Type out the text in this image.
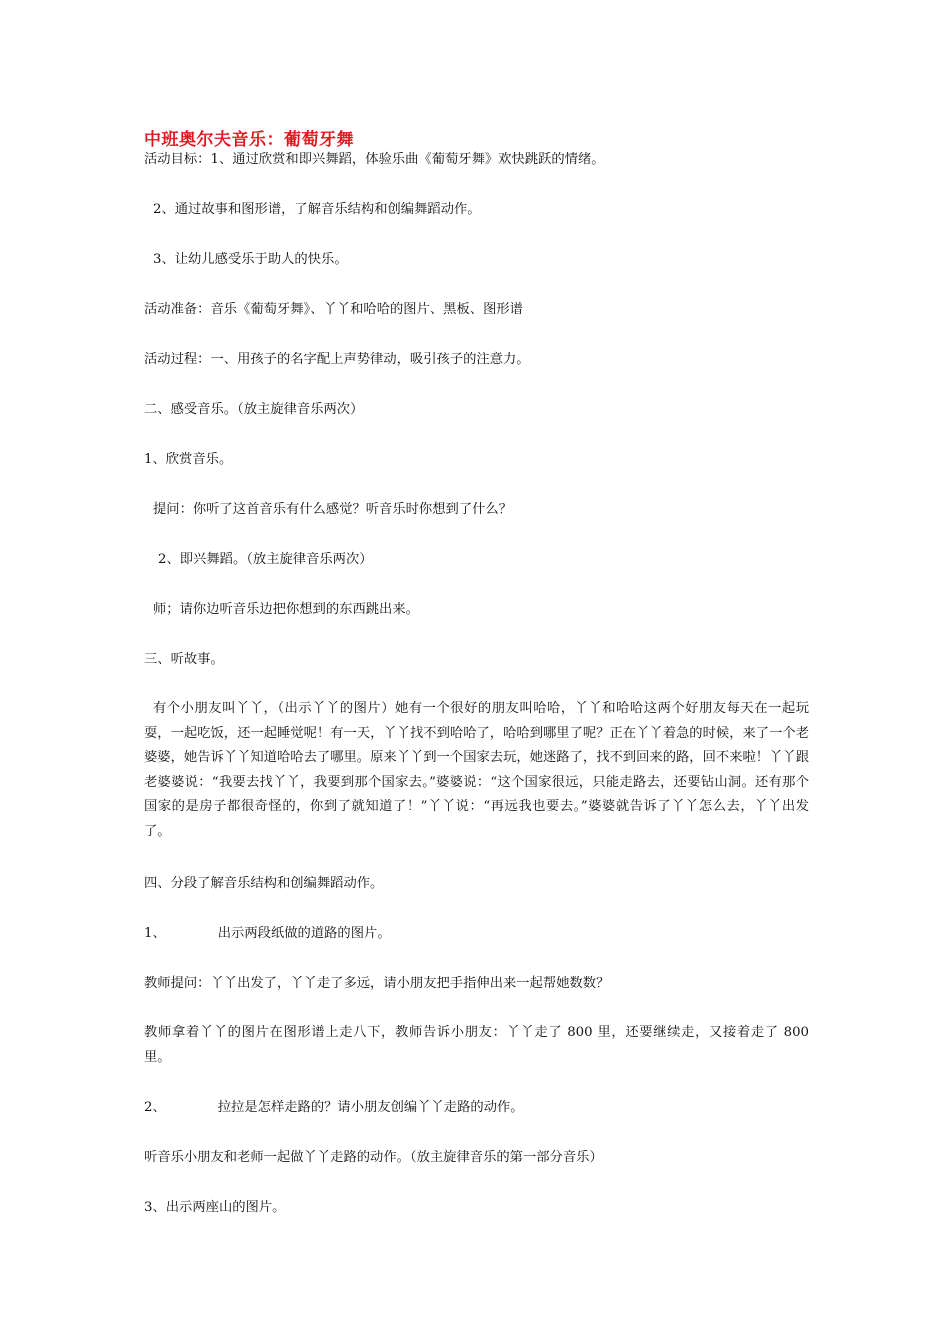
中班奥尔夫音乐：葡萄牙舞
活动目标：1、通过欣赏和即兴舞蹈，体验乐曲《葡萄牙舞》欢快跳跃的情绪。
2、通过故事和图形谱，了解音乐结构和创编舞蹈动作。
3、让幼儿感受乐于助人的快乐。
活动准备：音乐《葡萄牙舞》、丫丫和哈哈的图片、黑板、图形谱
活动过程：一、用孩子的名字配上声势律动，吸引孩子的注意力。
二、感受音乐。（放主旋律音乐两次）
1、欣赏音乐。
提问：你听了这首音乐有什么感觉？听音乐时你想到了什么？
2、即兴舞蹈。（放主旋律音乐两次）
师；请你边听音乐边把你想到的东西跳出来。
三、听故事。
有个小朋友叫丫丫，（出示丫丫的图片）她有一个很好的朋友叫哈哈，丫丫和哈哈这两个好朋友每天在一起玩耍，一起吃饭，还一起睡觉呢！有一天，丫丫找不到哈哈了，哈哈到哪里了呢？正在丫丫着急的时候，来了一个老婆婆，她告诉丫丫知道哈哈去了哪里。原来丫丫到一个国家去玩，她迷路了，找不到回来的路，回不来啦！丫丫跟老婆婆说：“我要去找丫丫，我要到那个国家去。”婆婆说：“这个国家很远，只能走路去，还要钻山洞。还有那个国家的是房子都很奇怪的，你到了就知道了！”丫丫说：“再远我也要去。”婆婆就告诉了丫丫怎么去，丫丫出发了。
四、分段了解音乐结构和创编舞蹈动作。
1、	出示两段纸做的道路的图片。
教师提问：丫丫出发了，丫丫走了多远，请小朋友把手指伸出来一起帮她数数？
教师拿着丫丫的图片在图形谱上走八下，教师告诉小朋友：丫丫走了 800 里，还要继续走，又接着走了 800 里。
2、	拉拉是怎样走路的？请小朋友创编丫丫走路的动作。
听音乐小朋友和老师一起做丫丫走路的动作。（放主旋律音乐的第一部分音乐）
3、出示两座山的图片。
